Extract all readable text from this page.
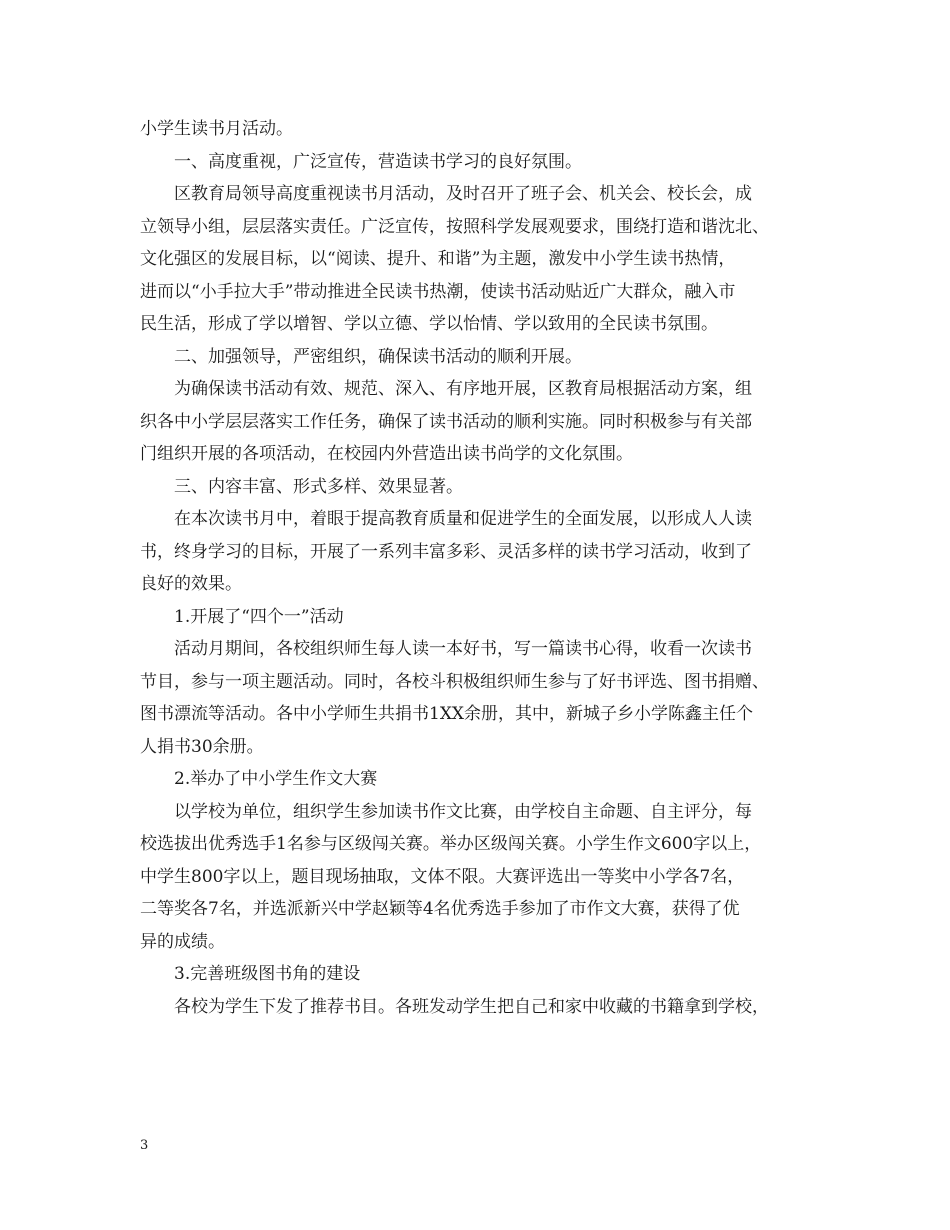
小学生读书月活动。
一、高度重视，广泛宣传，营造读书学习的良好氛围。
区教育局领导高度重视读书月活动，及时召开了班子会、机关会、校长会，成
立领导小组，层层落实责任。广泛宣传，按照科学发展观要求，围绕打造和谐沈北、
文化强区的发展目标，以“阅读、提升、和谐”为主题，激发中小学生读书热情，
进而以“小手拉大手”带动推进全民读书热潮，使读书活动贴近广大群众，融入市
民生活，形成了学以增智、学以立德、学以怡情、学以致用的全民读书氛围。
二、加强领导，严密组织，确保读书活动的顺利开展。
为确保读书活动有效、规范、深入、有序地开展，区教育局根据活动方案，组
织各中小学层层落实工作任务，确保了读书活动的顺利实施。同时积极参与有关部
门组织开展的各项活动，在校园内外营造出读书尚学的文化氛围。
三、内容丰富、形式多样、效果显著。
在本次读书月中，着眼于提高教育质量和促进学生的全面发展，以形成人人读
书，终身学习的目标，开展了一系列丰富多彩、灵活多样的读书学习活动，收到了
良好的效果。
1.开展了“四个一”活动
活动月期间，各校组织师生每人读一本好书，写一篇读书心得，收看一次读书
节目，参与一项主题活动。同时，各校斗积极组织师生参与了好书评选、图书捐赠、
图书漂流等活动。各中小学师生共捐书1XX余册，其中，新城子乡小学陈鑫主任个
人捐书30余册。
2.举办了中小学生作文大赛
以学校为单位，组织学生参加读书作文比赛，由学校自主命题、自主评分，每
校选拔出优秀选手1名参与区级闯关赛。举办区级闯关赛。小学生作文600字以上，
中学生800字以上，题目现场抽取，文体不限。大赛评选出一等奖中小学各7名，
二等奖各7名，并选派新兴中学赵颖等4名优秀选手参加了市作文大赛，获得了优
异的成绩。
3.完善班级图书角的建设
各校为学生下发了推荐书目。各班发动学生把自己和家中收藏的书籍拿到学校，
3
